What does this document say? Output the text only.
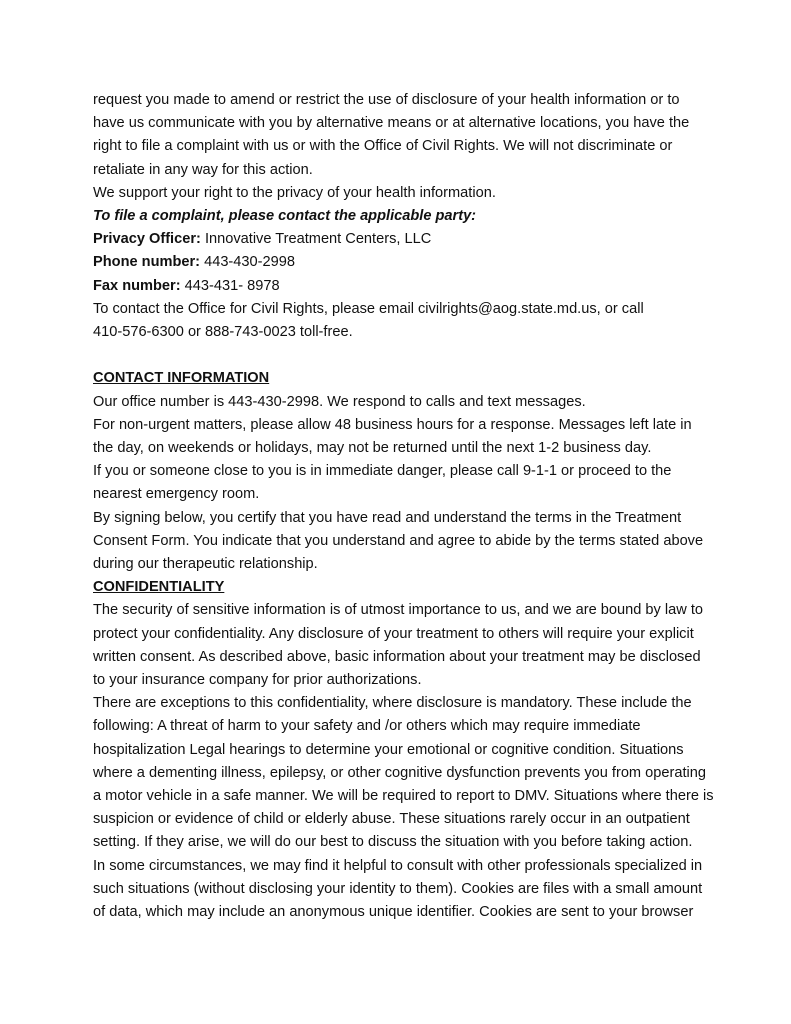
request you made to amend or restrict the use of disclosure of your health information or to
have us communicate with you by alternative means or at alternative locations, you have the
right to file a complaint with us or with the Office of Civil Rights. We will not discriminate or
retaliate in any way for this action.
We support your right to the privacy of your health information.
To file a complaint, please contact the applicable party:
Privacy Officer: Innovative Treatment Centers, LLC
Phone number: 443-430-2998
Fax number: 443-431- 8978
To contact the Office for Civil Rights, please email civilrights@aog.state.md.us, or call
410-576-6300 or 888-743-0023 toll-free.
CONTACT INFORMATION
Our office number is 443-430-2998. We respond to calls and text messages.
For non-urgent matters, please allow 48 business hours for a response. Messages left late in
the day, on weekends or holidays, may not be returned until the next 1-2 business day.
If you or someone close to you is in immediate danger, please call 9-1-1 or proceed to the
nearest emergency room.
By signing below, you certify that you have read and understand the terms in the Treatment
Consent Form. You indicate that you understand and agree to abide by the terms stated above
during our therapeutic relationship.
CONFIDENTIALITY
The security of sensitive information is of utmost importance to us, and we are bound by law to
protect your confidentiality. Any disclosure of your treatment to others will require your explicit
written consent. As described above, basic information about your treatment may be disclosed
to your insurance company for prior authorizations.
There are exceptions to this confidentiality, where disclosure is mandatory. These include the
following: A threat of harm to your safety and /or others which may require immediate
hospitalization Legal hearings to determine your emotional or cognitive condition. Situations
where a dementing illness, epilepsy, or other cognitive dysfunction prevents you from operating
a motor vehicle in a safe manner. We will be required to report to DMV. Situations where there is
suspicion or evidence of child or elderly abuse. These situations rarely occur in an outpatient
setting. If they arise, we will do our best to discuss the situation with you before taking action.
In some circumstances, we may find it helpful to consult with other professionals specialized in
such situations (without disclosing your identity to them). Cookies are files with a small amount
of data, which may include an anonymous unique identifier. Cookies are sent to your browser
